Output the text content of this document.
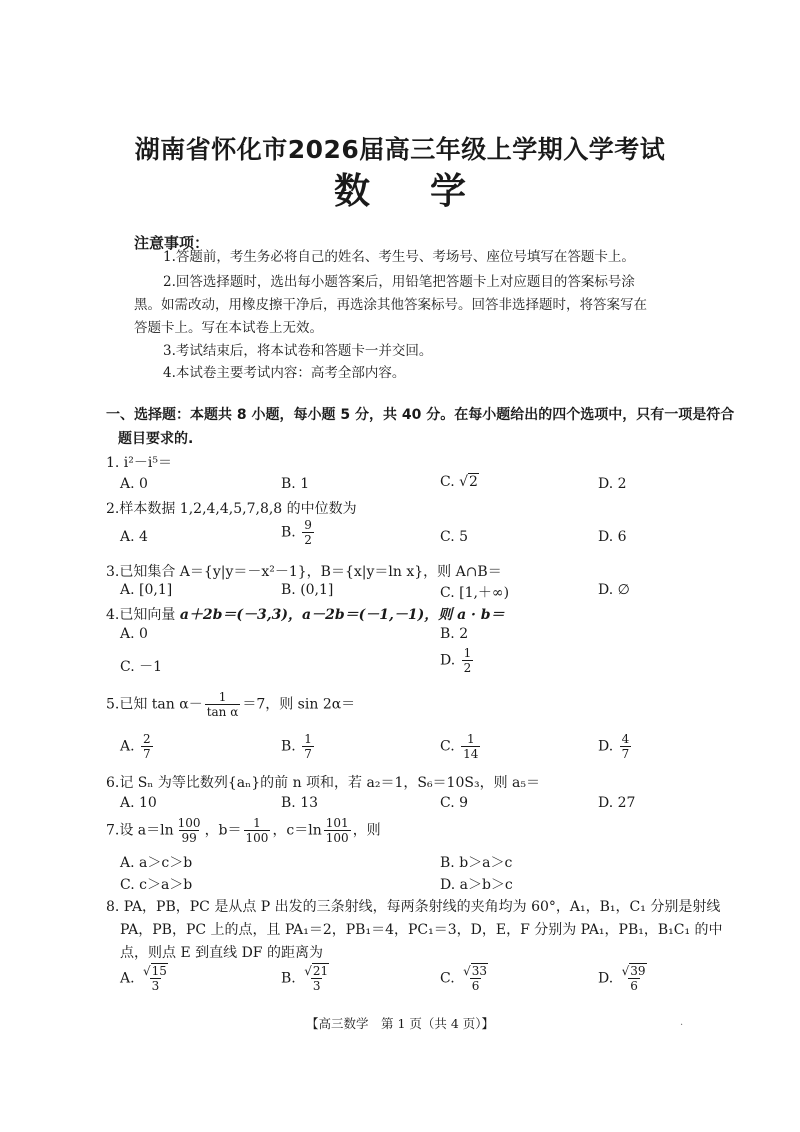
湖南省怀化市2026届高三年级上学期入学考试
数学
注意事项：
1.答题前，考生务必将自己的姓名、考生号、考场号、座位号填写在答题卡上。
2.回答选择题时，选出每小题答案后，用铅笔把答题卡上对应题目的答案标号涂
黑。如需改动，用橡皮擦干净后，再选涂其他答案标号。回答非选择题时，将答案写在
答题卡上。写在本试卷上无效。
3.考试结束后，将本试卷和答题卡一并交回。
4.本试卷主要考试内容：高考全部内容。
一、选择题：本题共 8 小题，每小题 5 分，共 40 分。在每小题给出的四个选项中，只有一项是符合
题目要求的.
1. i²－i⁵＝
A. 0	B. 1	C. √2	D. 2
2.样本数据 1,2,4,4,5,7,8,8 的中位数为
A. 4	B. $\frac{9}{2}$	C. 5	D. 6
3.已知集合 A＝{y|y＝－x²－1}，B＝{x|y＝ln x}，则 A∩B＝
A. [0,1]	B. (0,1]	C. [1,＋∞)	D. ∅
4.已知向量 a＋2b＝(－3,3)，a－2b＝(－1,－1)，则 a · b＝
A. 0	B. 2
C. －1	D. $\frac{1}{2}$
5.已知 $\tan \alpha- \frac{1}{\text{tan α}} =7$，则 sin 2α＝
A. $\frac{2}{7}$	B. $\frac{1}{7}$	C. $\frac{1}{14}$	D. $\frac{4}{7}$
6.记 Sₙ 为等比数列{aₙ}的前 n 项和，若 a₂＝1，S₆＝10S₃，则 a₅＝
A. 10	B. 13	C. 9	D. 27
7.设 $a=\ln \frac{100}{99}$ ，$b= \frac{1}{100}$ ，$c=\ln \frac{101}{100}$ ，则
A. a＞c＞b	B. b＞a＞c
C. c＞a＞b	D. a＞b＞c
8. PA，PB，PC 是从点 P 出发的三条射线，每两条射线的夹角均为 60°，A₁，B₁，C₁ 分别是射线
PA，PB，PC 上的点，且 PA₁＝2，PB₁＝4，PC₁＝3，D，E，F 分别为 PA₁，PB₁，B₁C₁ 的中
点，则点 E 到直线 DF 的距离为
A. $\frac{√15}{3}$	B. $\frac{√21}{3}$	C. $\frac{√33}{6}$	D. $\frac{√39}{6}$
【高三数学　第 1 页（共 4 页）】	·
